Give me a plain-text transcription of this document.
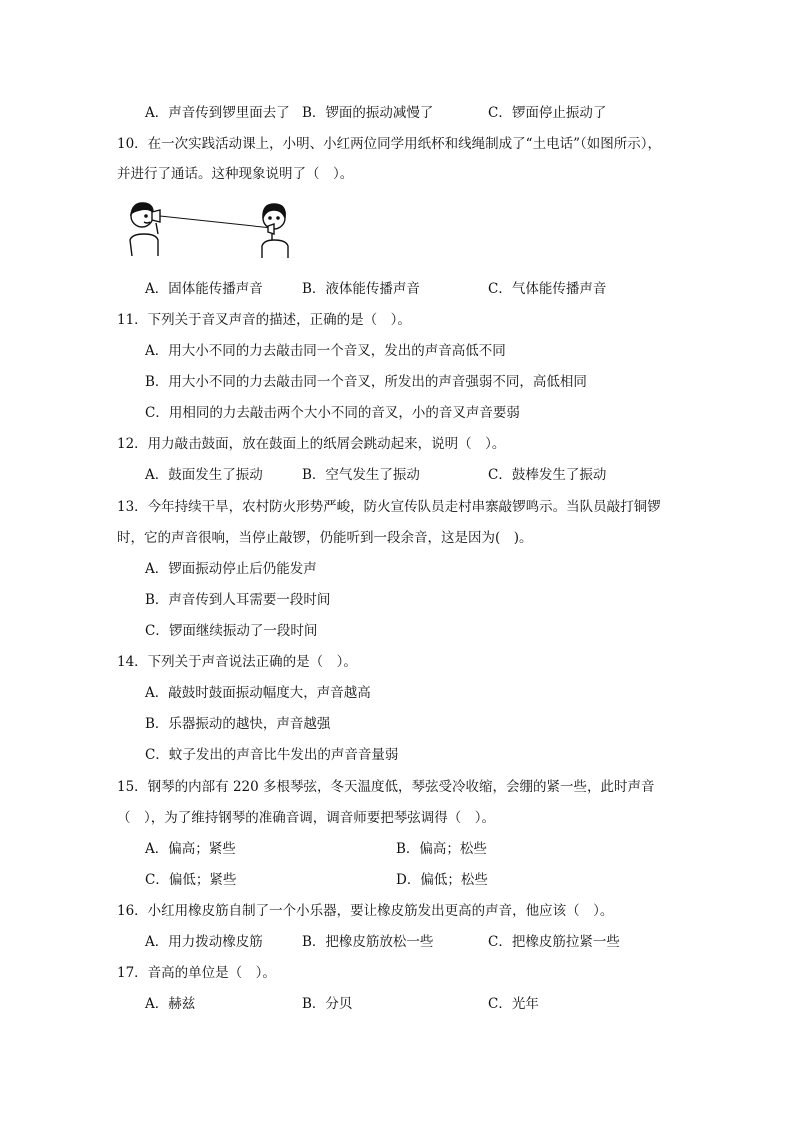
A．声音传到锣里面去了 B．锣面的振动减慢了	C．锣面停止振动了
10．在一次实践活动课上，小明、小红两位同学用纸杯和线绳制成了“土电话”（如图所示），
并进行了通话。这种现象说明了（　）。
A．固体能传播声音	B．液体能传播声音	C．气体能传播声音
11．下列关于音叉声音的描述，正确的是（　）。
A．用大小不同的力去敲击同一个音叉，发出的声音高低不同
B．用大小不同的力去敲击同一个音叉，所发出的声音强弱不同，高低相同
C．用相同的力去敲击两个大小不同的音叉，小的音叉声音要弱
12．用力敲击鼓面，放在鼓面上的纸屑会跳动起来，说明（　）。
A．鼓面发生了振动	B．空气发生了振动	C．鼓棒发生了振动
13．今年持续干旱，农村防火形势严峻，防火宣传队员走村串寨敲锣鸣示。当队员敲打铜锣
时，它的声音很响，当停止敲锣，仍能听到一段余音，这是因为(　)。
A．锣面振动停止后仍能发声
B．声音传到人耳需要一段时间
C．锣面继续振动了一段时间
14．下列关于声音说法正确的是（　）。
A．敲鼓时鼓面振动幅度大，声音越高
B．乐器振动的越快，声音越强
C．蚊子发出的声音比牛发出的声音音量弱
15．钢琴的内部有 220 多根琴弦，冬天温度低，琴弦受冷收缩，会绷的紧一些，此时声音
（　），为了维持钢琴的准确音调，调音师要把琴弦调得（　）。
A．偏高；紧些	B．偏高；松些
C．偏低；紧些	D．偏低；松些
16．小红用橡皮筋自制了一个小乐器，要让橡皮筋发出更高的声音，他应该（　）。
A．用力拨动橡皮筋	B．把橡皮筋放松一些	C．把橡皮筋拉紧一些
17．音高的单位是（　）。
A．赫兹	B．分贝	C．光年
